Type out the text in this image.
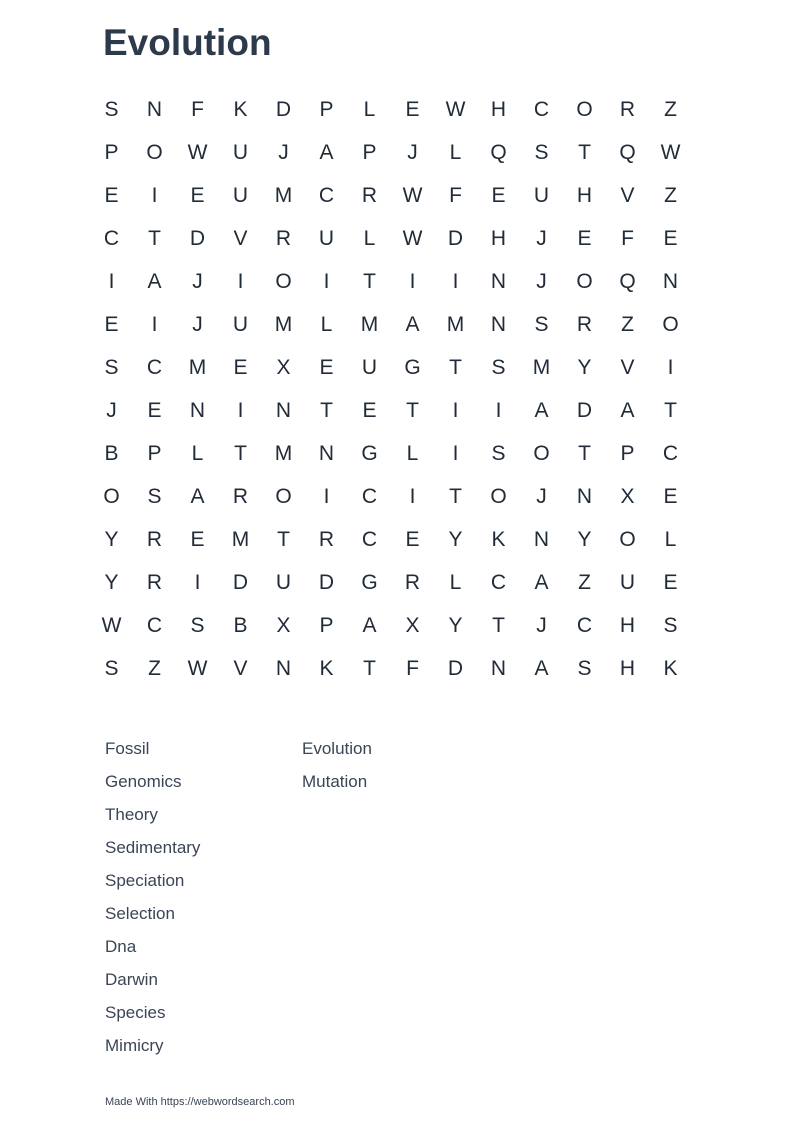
Evolution
S	N	F	K	D	P	L	E	W	H	C	O	R	Z
P	O	W	U	J	A	P	J	L	Q	S	T	Q	W
E	I	E	U	M	C	R	W	F	E	U	H	V	Z
C	T	D	V	R	U	L	W	D	H	J	E	F	E
I	A	J	I	O	I	T	I	I	N	J	O	Q	N
E	I	J	U	M	L	M	A	M	N	S	R	Z	O
S	C	M	E	X	E	U	G	T	S	M	Y	V	I
J	E	N	I	N	T	E	T	I	I	A	D	A	T
B	P	L	T	M	N	G	L	I	S	O	T	P	C
O	S	A	R	O	I	C	I	T	O	J	N	X	E
Y	R	E	M	T	R	C	E	Y	K	N	Y	O	L
Y	R	I	D	U	D	G	R	L	C	A	Z	U	E
W	C	S	B	X	P	A	X	Y	T	J	C	H	S
S	Z	W	V	N	K	T	F	D	N	A	S	H	K
Fossil
Genomics
Theory
Sedimentary
Speciation
Selection
Dna
Darwin
Species
Mimicry
Evolution
Mutation
Made With https://webwordsearch.com
